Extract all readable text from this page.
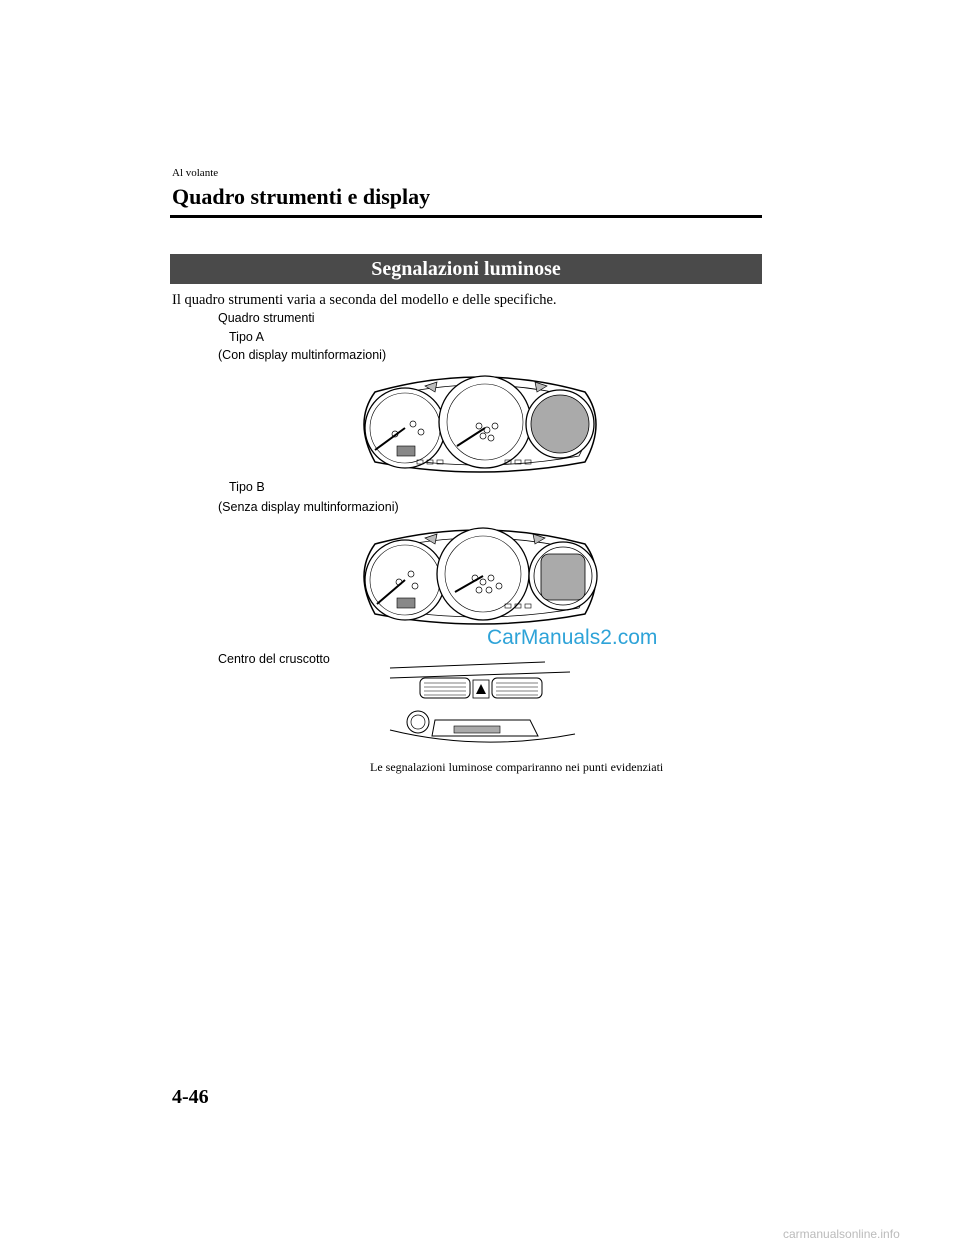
Al volante
Quadro strumenti e display
Segnalazioni luminose
Il quadro strumenti varia a seconda del modello e delle specifiche.
Quadro strumenti
Tipo A
(Con display multinformazioni)
Tipo B
(Senza display multinformazioni)
CarManuals2.com
Centro del cruscotto
Le segnalazioni luminose compariranno nei punti evidenziati
4-46
carmanualsonline.info
